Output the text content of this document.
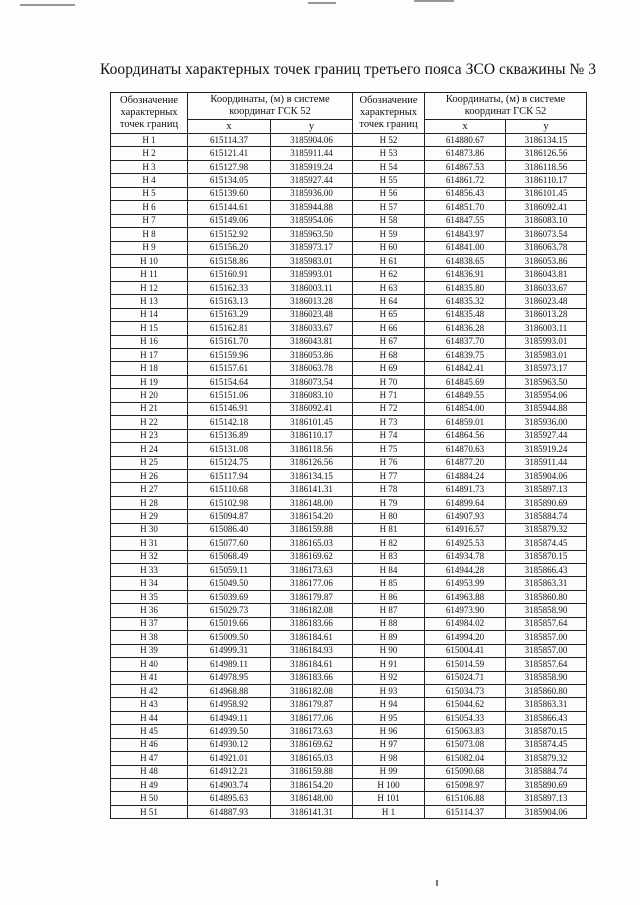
Координаты характерных точек границ третьего пояса ЗСО скважины № 3
Обозначение характерных точек границ	Координаты, (м) в системе координат ГСК 52		Обозначение характерных точек границ	Координаты, (м) в системе координат ГСК 52	

	х	у		х	у
Н 1	615114.37	3185904.06	Н 52	614880.67	3186134.15
Н 2	615121.41	3185911.44	Н 53	614873.86	3186126.56
Н 3	615127.98	3185919.24	Н 54	614867.53	3186118.56
Н 4	615134.05	3185927.44	Н 55	614861.72	3186110.17
Н 5	615139.60	3185936.00	Н 56	614856.43	3186101.45
Н 6	615144.61	3185944.88	Н 57	614851.70	3186092.41
Н 7	615149.06	3185954.06	Н 58	614847.55	3186083.10
Н 8	615152.92	3185963.50	Н 59	614843.97	3186073.54
Н 9	615156.20	3185973.17	Н 60	614841.00	3186063.78
Н 10	615158.86	3185983.01	Н 61	614838.65	3186053.86
Н 11	615160.91	3185993.01	Н 62	614836.91	3186043.81
Н 12	615162.33	3186003.11	Н 63	614835.80	3186033.67
Н 13	615163.13	3186013.28	Н 64	614835.32	3186023.48
Н 14	615163.29	3186023.48	Н 65	614835.48	3186013.28
Н 15	615162.81	3186033.67	Н 66	614836.28	3186003.11
Н 16	615161.70	3186043.81	Н 67	614837.70	3185993.01
Н 17	615159.96	3186053.86	Н 68	614839.75	3185983.01
Н 18	615157.61	3186063.78	Н 69	614842.41	3185973.17
Н 19	615154.64	3186073.54	Н 70	614845.69	3185963.50
Н 20	615151.06	3186083.10	Н 71	614849.55	3185954.06
Н 21	615146.91	3186092.41	Н 72	614854.00	3185944.88
Н 22	615142.18	3186101.45	Н 73	614859.01	3185936.00
Н 23	615136.89	3186110.17	Н 74	614864.56	3185927.44
Н 24	615131.08	3186118.56	Н 75	614870.63	3185919.24
Н 25	615124.75	3186126.56	Н 76	614877.20	3185911.44
Н 26	615117.94	3186134.15	Н 77	614884.24	3185904.06
Н 27	615110.68	3186141.31	Н 78	614891.73	3185897.13
Н 28	615102.98	3186148.00	Н 79	614899.64	3185890.69
Н 29	615094.87	3186154.20	Н 80	614907.93	3185884.74
Н 30	615086.40	3186159.88	Н 81	614916.57	3185879.32
Н 31	615077.60	3186165.03	Н 82	614925.53	3185874.45
Н 32	615068.49	3186169.62	Н 83	614934.78	3185870.15
Н 33	615059.11	3186173.63	Н 84	614944.28	3185866.43
Н 34	615049.50	3186177.06	Н 85	614953.99	3185863.31
Н 35	615039.69	3186179.87	Н 86	614963.88	3185860.80
Н 36	615029.73	3186182.08	Н 87	614973.90	3185858.90
Н 37	615019.66	3186183.66	Н 88	614984.02	3185857.64
Н 38	615009.50	3186184.61	Н 89	614994.20	3185857.00
Н 39	614999.31	3186184.93	Н 90	615004.41	3185857.00
Н 40	614989.11	3186184.61	Н 91	615014.59	3185857.64
Н 41	614978.95	3186183.66	Н 92	615024.71	3185858.90
Н 42	614968.88	3186182.08	Н 93	615034.73	3185860.80
Н 43	614958.92	3186179.87	Н 94	615044.62	3185863.31
Н 44	614949.11	3186177.06	Н 95	615054.33	3185866.43
Н 45	614939.50	3186173.63	Н 96	615063.83	3185870.15
Н 46	614930.12	3186169.62	Н 97	615073.08	3185874.45
Н 47	614921.01	3186165.03	Н 98	615082.04	3185879.32
Н 48	614912.21	3186159.88	Н 99	615090.68	3185884.74
Н 49	614903.74	3186154.20	Н 100	615098.97	3185890.69
Н 50	614895.63	3186148.00	Н 101	615106.88	3185897.13
Н 51	614887.93	3186141.31	Н 1	615114.37	3185904.06
